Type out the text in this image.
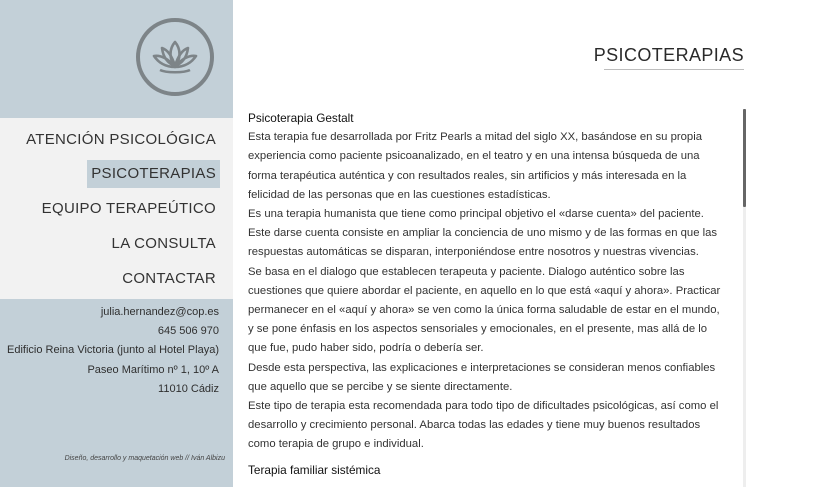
ATENCIÓN PSICOLÓGICA
PSICOTERAPIAS
EQUIPO TERAPEÚTICO
LA CONSULTA
CONTACTAR
julia.hernandez@cop.es
645 506 970
Edificio Reina Victoria (junto al Hotel Playa)
Paseo Marítimo nº 1, 10º A
11010 Cádiz
Diseño, desarrollo y maquetación web // Iván Albizu
PSICOTERAPIAS
Psicoterapia Gestalt

Esta terapia fue desarrollada por Fritz Pearls a mitad del siglo XX, basándose en su propia experiencia como paciente psicoanalizado, en el teatro y en una intensa búsqueda de una forma terapéutica auténtica y con resultados reales, sin artificios y más interesada en la felicidad de las personas que en las cuestiones estadísticas.

Es una terapia humanista que tiene como principal objetivo el «darse cuenta» del paciente. Este darse cuenta consiste en ampliar la conciencia de uno mismo y de las formas en que las respuestas automáticas se disparan, interponiéndose entre nosotros y nuestras vivencias.

Se basa en el dialogo que establecen terapeuta y paciente. Dialogo auténtico sobre las cuestiones que quiere abordar el paciente, en aquello en lo que está «aquí y ahora». Practicar permanecer en el «aquí y ahora» se ven como la única forma saludable de estar en el mundo, y se pone énfasis en los aspectos sensoriales y emocionales, en el presente, mas allá de lo que fue, pudo haber sido, podría o debería ser.

Desde esta perspectiva, las explicaciones e interpretaciones se consideran menos confiables que aquello que se percibe y se siente directamente.

Este tipo de terapia esta recomendada para todo tipo de dificultades psicológicas, así como el desarrollo y crecimiento personal. Abarca todas las edades y tiene muy buenos resultados como terapia de grupo e individual.

Terapia familiar sistémica
